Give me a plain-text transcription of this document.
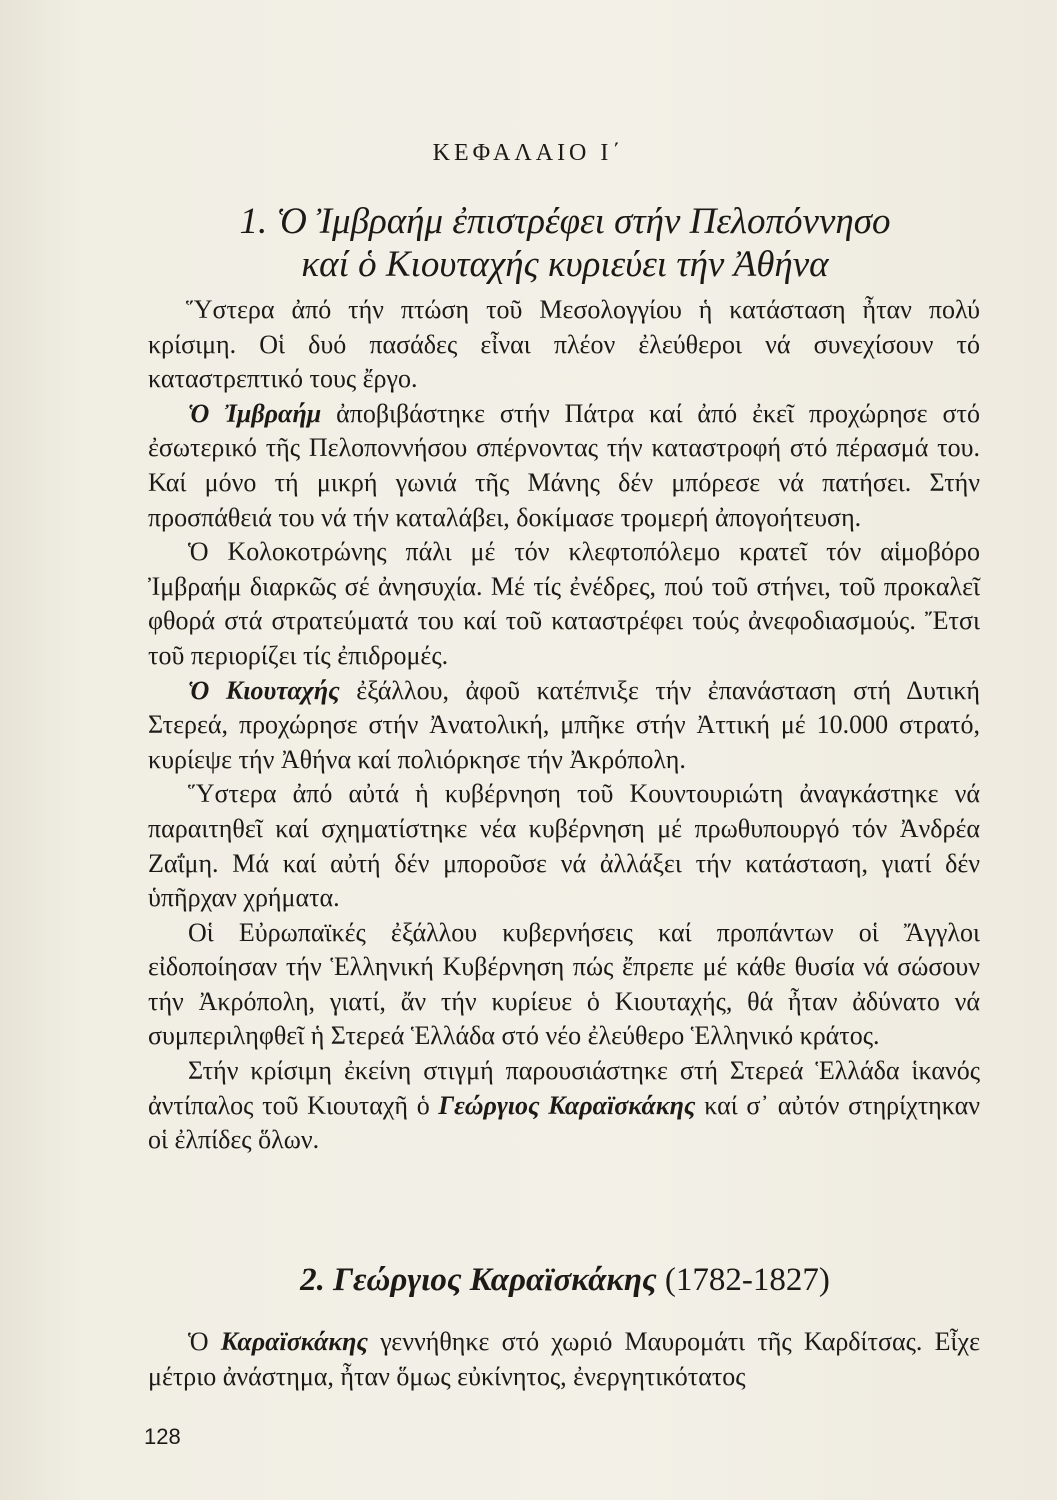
ΚΕΦΑΛΑΙΟ Ι΄
1. Ὁ Ἰμβραήμ ἐπιστρέφει στήν Πελοπόννησο
καί ὁ Κιουταχής κυριεύει τήν Ἀθήνα

Ὕστερα ἀπό τήν πτώση τοῦ Μεσολογγίου ἡ κατάσταση ἦταν πολύ κρίσιμη. Οἱ δυό πασάδες εἶναι πλέον ἐλεύθεροι νά συνεχίσουν τό καταστρεπτικό τους ἔργο.

Ὁ Ἰμβραήμ ἀποβιβάστηκε στήν Πάτρα καί ἀπό ἐκεῖ προχώρησε στό ἐσωτερικό τῆς Πελοποννήσου σπέρνοντας τήν καταστροφή στό πέρασμά του. Καί μόνο τή μικρή γωνιά τῆς Μάνης δέν μπόρεσε νά πατήσει. Στήν προσπάθειά του νά τήν καταλάβει, δοκίμασε τρομερή ἀπογοήτευση.

Ὁ Κολοκοτρώνης πάλι μέ τόν κλεφτοπόλεμο κρατεῖ τόν αἱμοβόρο Ἰμβραήμ διαρκῶς σέ ἀνησυχία. Μέ τίς ἐνέδρες, πού τοῦ στήνει, τοῦ προκαλεῖ φθορά στά στρατεύματά του καί τοῦ καταστρέφει τούς ἀνεφοδιασμούς. Ἔτσι τοῦ περιορίζει τίς ἐπιδρομές.

Ὁ Κιουταχής ἐξάλλου, ἀφοῦ κατέπνιξε τήν ἐπανάσταση στή Δυτική Στερεά, προχώρησε στήν Ἀνατολική, μπῆκε στήν Ἀττική μέ 10.000 στρατό, κυρίεψε τήν Ἀθήνα καί πολιόρκησε τήν Ἀκρόπολη.

Ὕστερα ἀπό αὐτά ἡ κυβέρνηση τοῦ Κουντουριώτη ἀναγκάστηκε νά παραιτηθεῖ καί σχηματίστηκε νέα κυβέρνηση μέ πρωθυπουργό τόν Ἀνδρέα Ζαΐμη. Μά καί αὐτή δέν μποροῦσε νά ἀλλάξει τήν κατάσταση, γιατί δέν ὑπῆρχαν χρήματα.

Οἱ Εὐρωπαϊκές ἐξάλλου κυβερνήσεις καί προπάντων οἱ Ἄγγλοι εἰδοποίησαν τήν Ἑλληνική Κυβέρνηση πώς ἔπρεπε μέ κάθε θυσία νά σώσουν τήν Ἀκρόπολη, γιατί, ἄν τήν κυρίευε ὁ Κιουταχής, θά ἦταν ἀδύνατο νά συμπεριληφθεῖ ἡ Στερεά Ἑλλάδα στό νέο ἐλεύθερο Ἑλληνικό κράτος.

Στήν κρίσιμη ἐκείνη στιγμή παρουσιάστηκε στή Στερεά Ἑλλάδα ἱκανός ἀντίπαλος τοῦ Κιουταχῆ ὁ Γεώργιος Καραϊσκάκης καί σ᾽ αὐτόν στηρίχτηκαν οἱ ἐλπίδες ὅλων.

2. Γεώργιος Καραϊσκάκης (1782-1827)

Ὁ Καραϊσκάκης γεννήθηκε στό χωριό Μαυρομάτι τῆς Καρδίτσας. Εἶχε μέτριο ἀνάστημα, ἦταν ὅμως εὐκίνητος, ἐνεργητικότατος

128
